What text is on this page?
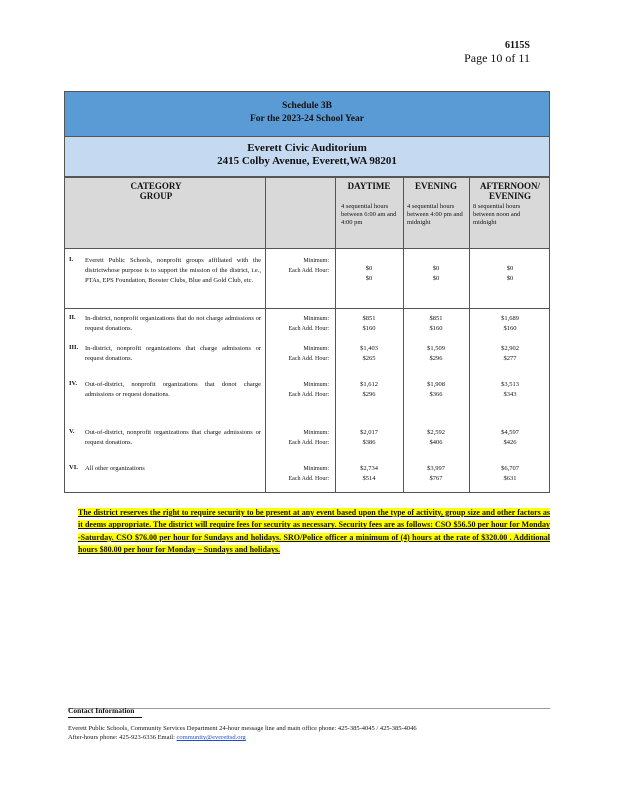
6115S
Page 10 of 11
Schedule 3B
For the 2023-24 School Year
Everett Civic Auditorium
2415 Colby Avenue, Everett,WA 98201
CATEGORY
GROUP
DAYTIME
4 sequential hours between 6:00 am and 4:00 pm
EVENING
4 sequential hours between 4:00 pm and midnight
AFTERNOON/
EVENING
8 sequential hours between noon and midnight
I. Everett Public Schools, nonprofit groups affiliated with the districtwhose purpose is to support the mission of the district, i.e., PTAs, EPS Foundation, Booster Clubs, Blue and Gold Club, etc.
Minimum:
Each Add. Hour:	$0
$0
$0
$0
$0
$0
II. In-district, nonprofit organizations that do not charge admissions or request donations.
Minimum:
Each Add. Hour:
$851
$160
$851
$160
$1,689
$160
III. In-district, nonprofit organizations that charge admissions or request donations.
Minimum:
Each Add. Hour:
$1,403
$265
$1,509
$296
$2,902
$277
IV. Out-of-district, nonprofit organizations that donot charge admissions or request donations.
Minimum:
Each Add. Hour:
$1,612
$296
$1,908
$366
$3,513
$343
V. Out-of-district, nonprofit organizations that charge admissions or request donations.
Minimum:
Each Add. Hour:
$2,017
$386
$2,592
$406
$4,597
$426
VI. All other organizations	Minimum:
Each Add. Hour:
$2,734
$514
$3,997
$767
$6,707
$631
The district reserves the right to require security to be present at any event based upon the type of activity, group size and other factors as it deems appropriate. The district will require fees for security as necessary. Security fees are as follows: CSO $56.50 per hour for Monday -Saturday. CSO $76.00 per hour for Sundays and holidays. SRO/Police officer a minimum of (4) hours at the rate of $320.00 . Additional hours $80.00 per hour for Monday – Sundays and holidays.
Contact Information
Everett Public Schools, Community Services Department 24-hour message line and main office phone: 425-385-4045 / 425-385-4046
After-hours phone: 425-923-6336 Email: community@everettsd.org
